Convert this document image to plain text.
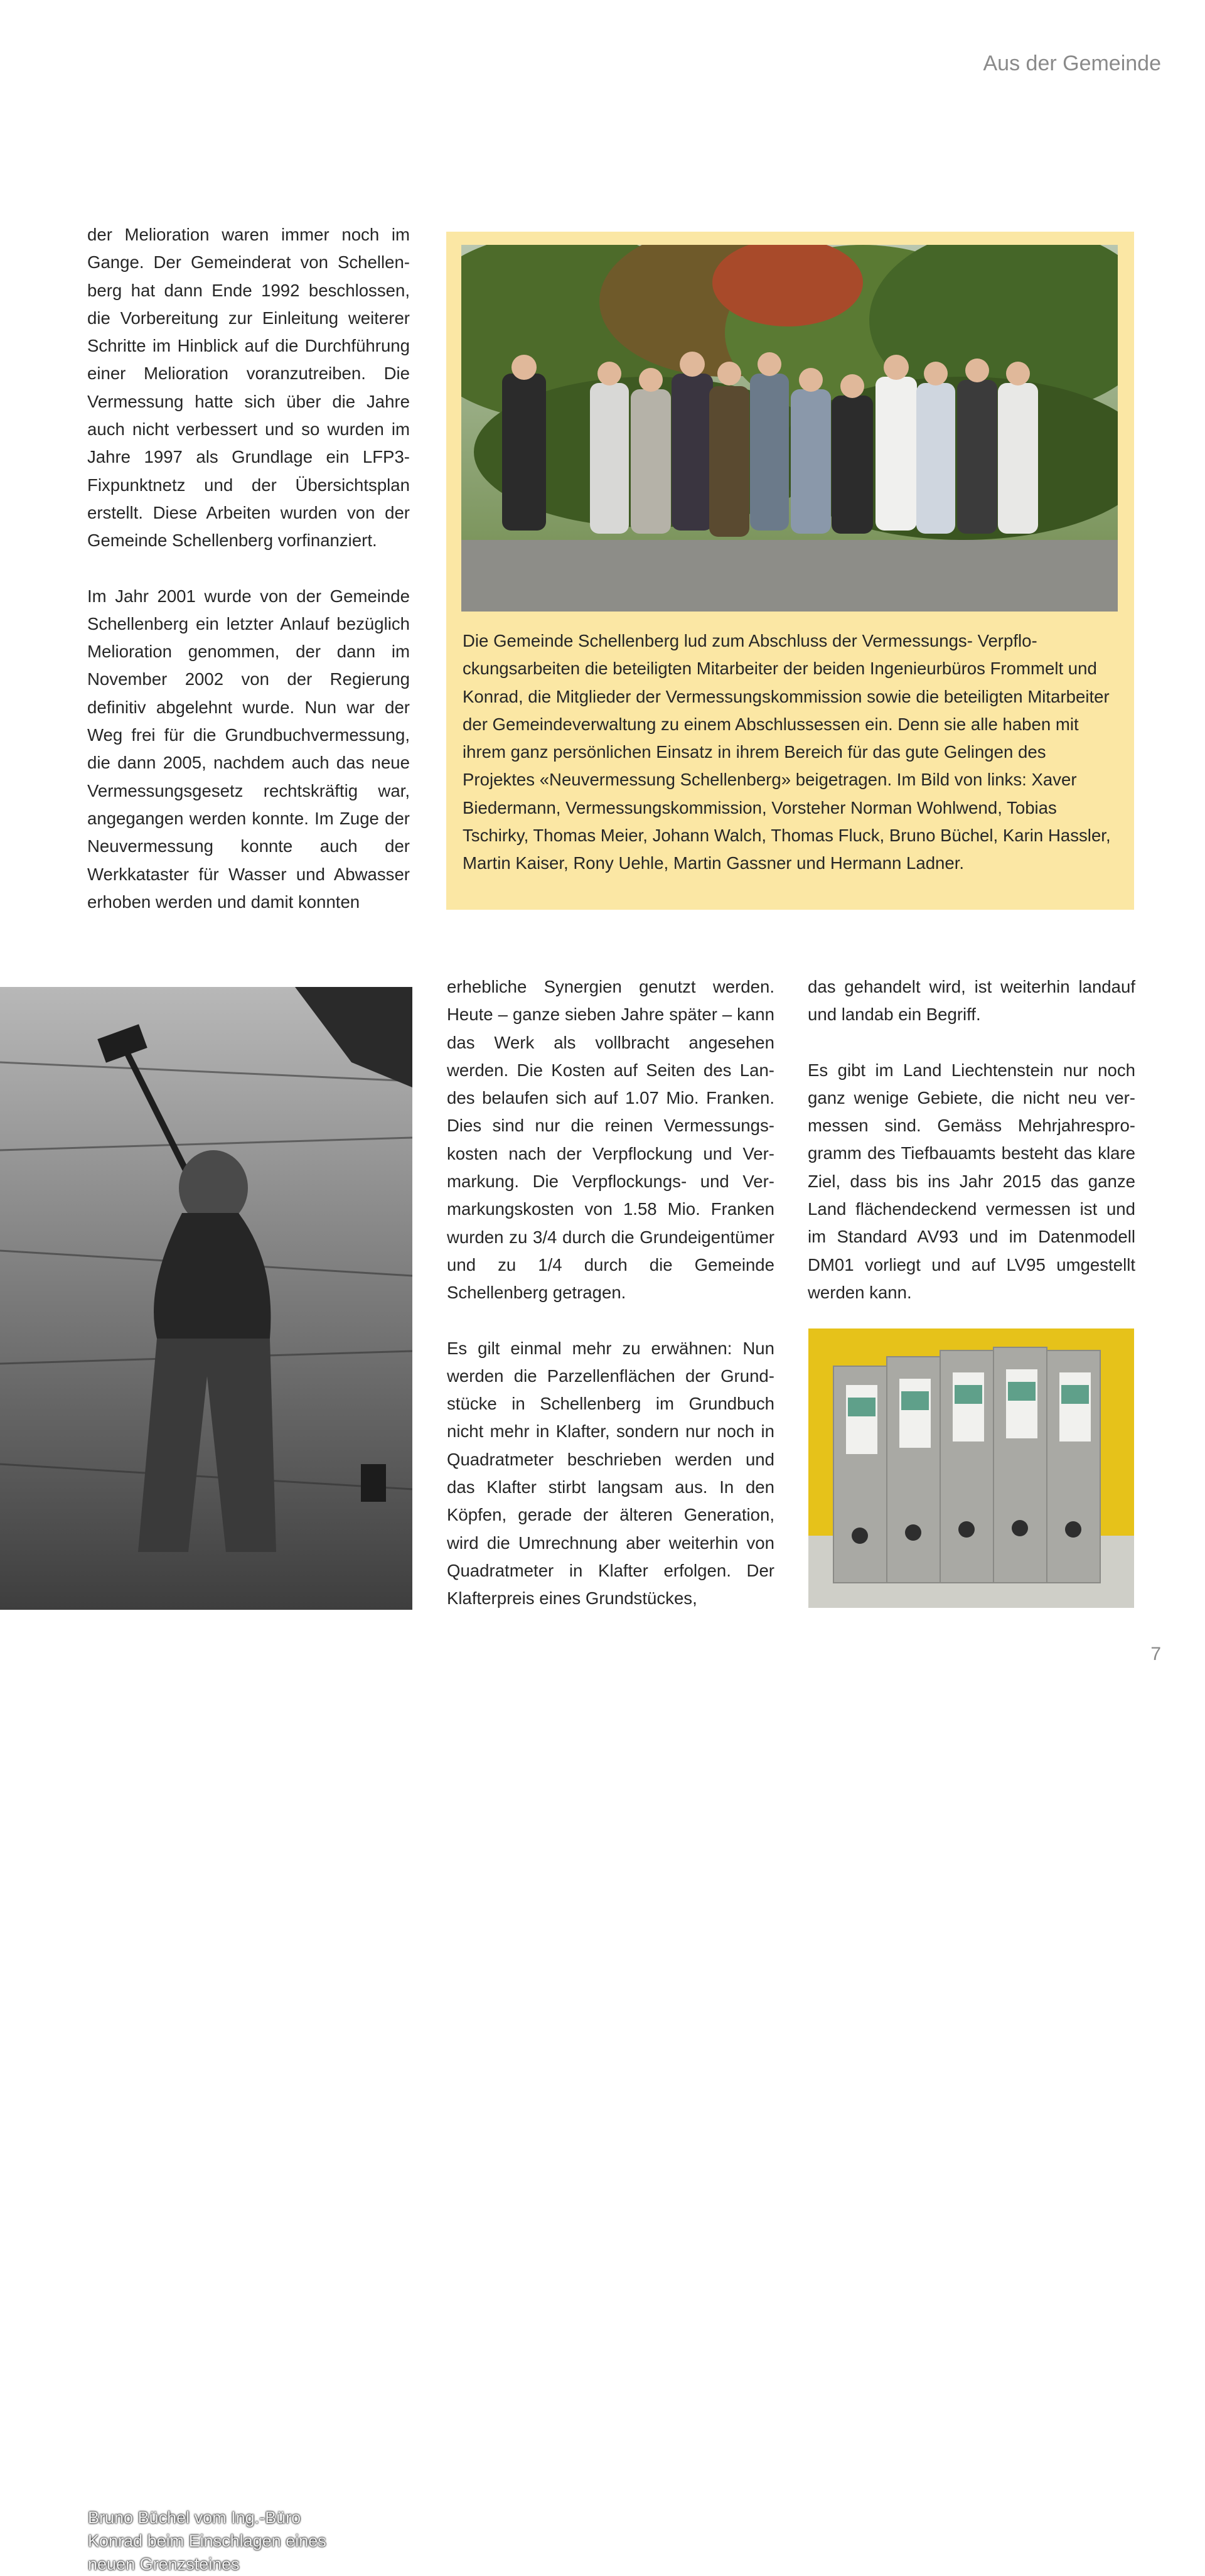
Aus der Gemeinde

der Melioration waren immer noch im Gange. Der Gemeinderat von Schellenberg hat dann Ende 1992 beschlossen, die Vorbereitung zur Einleitung weiterer Schritte im Hinblick auf die Durchführung einer Melioration voranzutreiben. Die Vermessung hatte sich über die Jahre auch nicht verbessert und so wurden im Jahre 1997 als Grundlage ein LFP3-Fixpunktnetz und der Übersichtsplan erstellt. Diese Arbeiten wurden von der Gemeinde Schellenberg vorfinanziert.

Im Jahr 2001 wurde von der Gemeinde Schellenberg ein letzter Anlauf bezüglich Melioration genommen, der dann im November 2002 von der Regierung definitiv abgelehnt wurde. Nun war der Weg frei für die Grundbuchvermessung, die dann 2005, nachdem auch das neue Vermessungsgesetz rechtskräftig war, angegangen werden konnte. Im Zuge der Neuvermessung konnte auch der Werkkataster für Wasser und Abwasser erhoben werden und damit konnten

Die Gemeinde Schellenberg lud zum Abschluss der Vermessungs- Verpflockungsarbeiten die beteiligten Mitarbeiter der beiden Ingenieurbüros Frommelt und Konrad, die Mitglieder der Vermessungskommission sowie die beteiligten Mitarbeiter der Gemeindeverwaltung zu einem Abschlussessen ein. Denn sie alle haben mit ihrem ganz persönlichen Einsatz in ihrem Bereich für das gute Gelingen des Projektes «Neuvermessung Schellenberg» beigetragen. Im Bild von links: Xaver Biedermann, Vermessungskommission, Vorsteher Norman Wohlwend, Tobias Tschirky, Thomas Meier, Johann Walch, Thomas Fluck, Bruno Büchel, Karin Hassler, Martin Kaiser, Rony Uehle, Martin Gassner und Hermann Ladner.

Bruno Büchel vom Ing.-Büro Konrad beim Einschlagen eines neuen Grenzsteines

erhebliche Synergien genutzt werden. Heute – ganze sieben Jahre später – kann das Werk als vollbracht angesehen werden. Die Kosten auf Seiten des Landes belaufen sich auf 1.07 Mio. Franken. Dies sind nur die reinen Vermessungskosten nach der Verpflockung und Vermarkung. Die Verpflockungs- und Vermarkungskosten von 1.58 Mio. Franken wurden zu 3/4 durch die Grundeigentümer und zu 1/4 durch die Gemeinde Schellenberg getragen.

Es gilt einmal mehr zu erwähnen: Nun werden die Parzellenflächen der Grundstücke in Schellenberg im Grundbuch nicht mehr in Klafter, sondern nur noch in Quadratmeter beschrieben werden und das Klafter stirbt langsam aus. In den Köpfen, gerade der älteren Generation, wird die Umrechnung aber weiterhin von Quadratmeter in Klafter erfolgen. Der Klafterpreis eines Grundstückes,

das gehandelt wird, ist weiterhin landauf und landab ein Begriff.

Es gibt im Land Liechtenstein nur noch ganz wenige Gebiete, die nicht neu vermessen sind. Gemäss Mehrjahresprogramm des Tiefbauamts besteht das klare Ziel, dass bis ins Jahr 2015 das ganze Land flächendeckend vermessen ist und im Standard AV93 und im Datenmodell DM01 vorliegt und auf LV95 umgestellt werden kann.

7
